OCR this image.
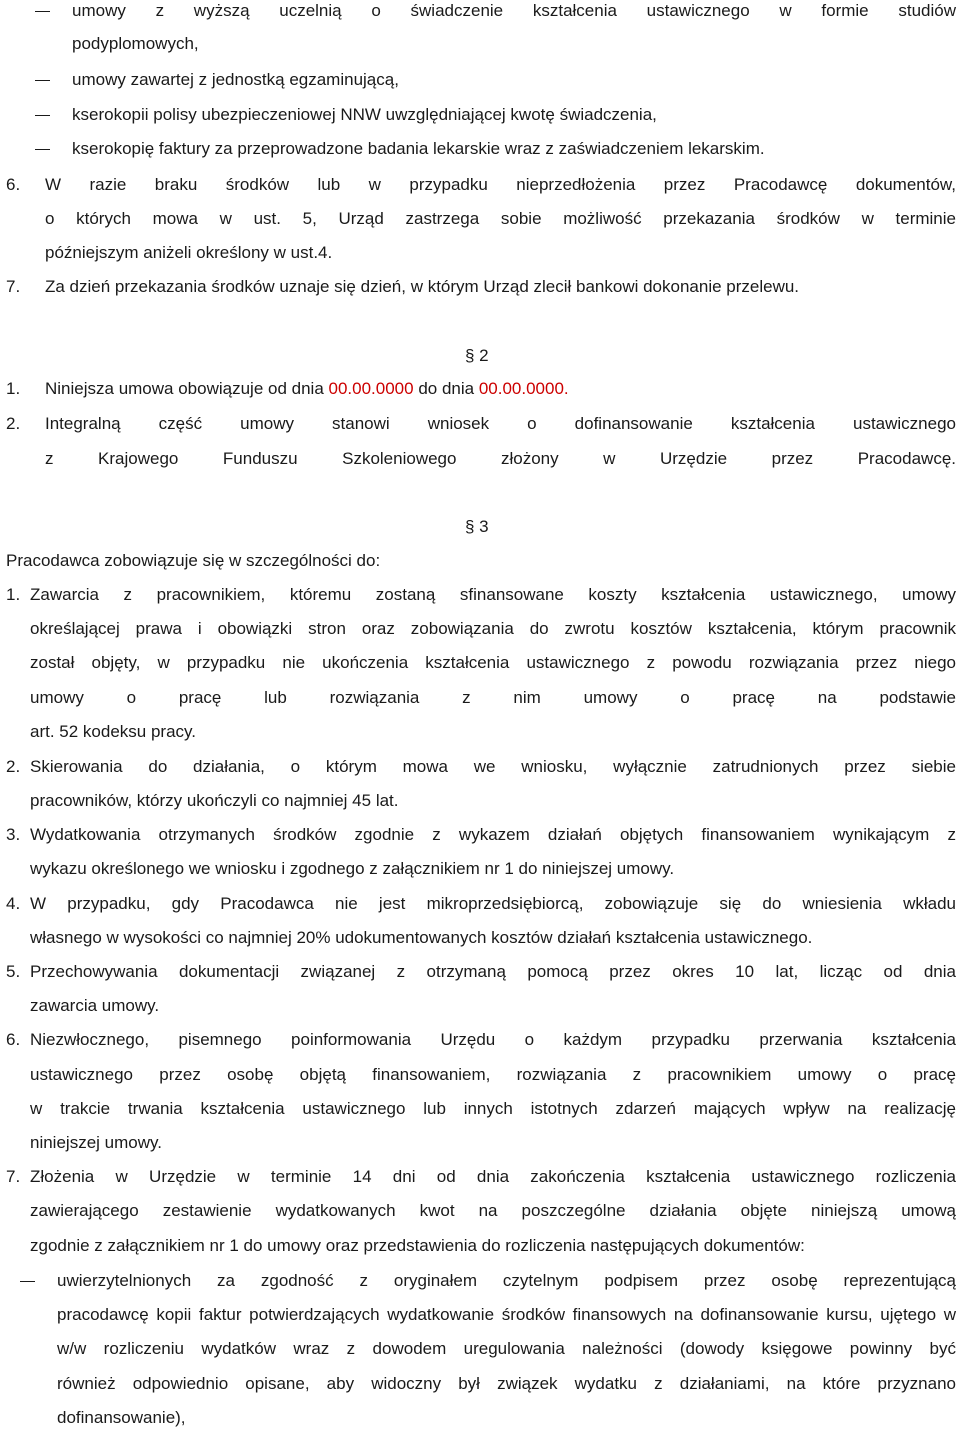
umowy z wyższą uczelnią o świadczenie kształcenia ustawicznego w formie studiów
podyplomowych,
umowy zawartej z jednostką egzaminującą,
kserokopii polisy ubezpieczeniowej NNW uwzględniającej kwotę świadczenia,
kserokopię faktury za przeprowadzone badania lekarskie wraz z zaświadczeniem lekarskim.
6. W razie braku środków lub w przypadku nieprzedłożenia przez Pracodawcę dokumentów,
o których mowa w ust. 5, Urząd zastrzega sobie możliwość przekazania środków w terminie
późniejszym aniżeli określony w ust.4.
7. Za dzień przekazania środków uznaje się dzień, w którym Urząd zlecił bankowi dokonanie przelewu.
§ 2
1. Niniejsza umowa obowiązuje od dnia 00.00.0000 do dnia 00.00.0000.
2. Integralną część umowy stanowi wniosek o dofinansowanie kształcenia ustawicznego
z Krajowego Funduszu Szkoleniowego złożony w Urzędzie przez Pracodawcę.
§ 3
Pracodawca zobowiązuje się w szczególności do:
1. Zawarcia z pracownikiem, któremu zostaną sfinansowane koszty kształcenia ustawicznego, umowy
określającej prawa i obowiązki stron oraz zobowiązania do zwrotu kosztów kształcenia, którym pracownik
został objęty, w przypadku nie ukończenia kształcenia ustawicznego z powodu rozwiązania przez niego
umowy o pracę lub rozwiązania z nim umowy o pracę na podstawie
art. 52 kodeksu pracy.
2. Skierowania do działania, o którym mowa we wniosku, wyłącznie zatrudnionych przez siebie
pracowników, którzy ukończyli co najmniej 45 lat.
3. Wydatkowania otrzymanych środków zgodnie z wykazem działań objętych finansowaniem wynikającym z
wykazu określonego we wniosku i zgodnego z załącznikiem nr 1 do niniejszej umowy.
4. W przypadku, gdy Pracodawca nie jest mikroprzedsiębiorcą, zobowiązuje się do wniesienia wkładu
własnego w wysokości co najmniej 20% udokumentowanych kosztów działań kształcenia ustawicznego.
5. Przechowywania dokumentacji związanej z otrzymaną pomocą przez okres 10 lat, licząc od dnia
zawarcia umowy.
6. Niezwłocznego, pisemnego poinformowania Urzędu o każdym przypadku przerwania kształcenia
ustawicznego przez osobę objętą finansowaniem, rozwiązania z pracownikiem umowy o pracę
w trakcie trwania kształcenia ustawicznego lub innych istotnych zdarzeń mających wpływ na realizację
niniejszej umowy.
7. Złożenia w Urzędzie w terminie 14 dni od dnia zakończenia kształcenia ustawicznego rozliczenia
zawierającego zestawienie wydatkowanych kwot na poszczególne działania objęte niniejszą umową
zgodnie z załącznikiem nr 1 do umowy oraz przedstawienia do rozliczenia następujących dokumentów:
uwierzytelnionych za zgodność z oryginałem czytelnym podpisem przez osobę reprezentującą
pracodawcę kopii faktur potwierdzających wydatkowanie środków finansowych na dofinansowanie kursu, ujętego w
w/w rozliczeniu wydatków wraz z dowodem uregulowania należności (dowody księgowe powinny być
również odpowiednio opisane, aby widoczny był związek wydatku z działaniami, na które przyznano
dofinansowanie),
